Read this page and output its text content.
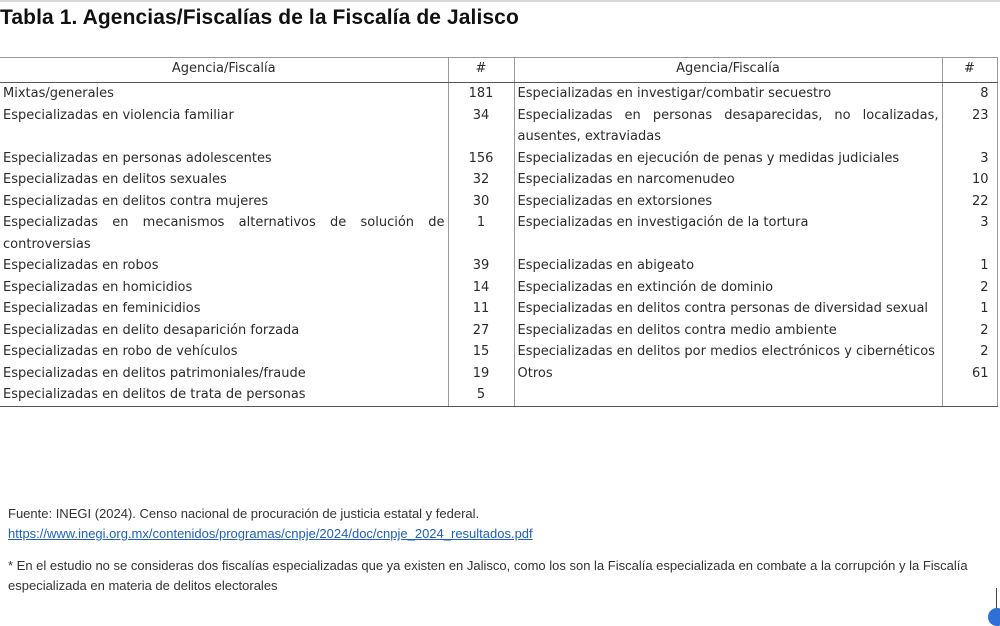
Tabla 1. Agencias/Fiscalías de la Fiscalía de Jalisco
Agencia/Fiscalía	#	Agencia/Fiscalía	#
Mixtas/generales	181	Especializadas en investigar/combatir secuestro	8
Especializadas en violencia familiar	34	Especializadas en personas desaparecidas, no localizadas, ausentes, extraviadas	23
Especializadas en personas adolescentes	156	Especializadas en ejecución de penas y medidas judiciales	3
Especializadas en delitos sexuales	32	Especializadas en narcomenudeo	10
Especializadas en delitos contra mujeres	30	Especializadas en extorsiones	22
Especializadas en mecanismos alternativos de solución de controversias	1	Especializadas en investigación de la tortura	3
Especializadas en robos	39	Especializadas en abigeato	1
Especializadas en homicidios	14	Especializadas en extinción de dominio	2
Especializadas en feminicidios	11	Especializadas en delitos contra personas de diversidad sexual	1
Especializadas en delito desaparición forzada	27	Especializadas en delitos contra medio ambiente	2
Especializadas en robo de vehículos	15	Especializadas en delitos por medios electrónicos y cibernéticos	2
Especializadas en delitos patrimoniales/fraude	19	Otros	61
Especializadas en delitos de trata de personas	5		
Fuente: INEGI (2024). Censo nacional de procuración de justicia estatal y federal.
https://www.inegi.org.mx/contenidos/programas/cnpje/2024/doc/cnpje_2024_resultados.pdf
* En el estudio no se consideras dos fiscalías especializadas que ya existen en Jalisco, como los son la Fiscalía especializada en combate a la corrupción y la Fiscalía especializada en materia de delitos electorales
